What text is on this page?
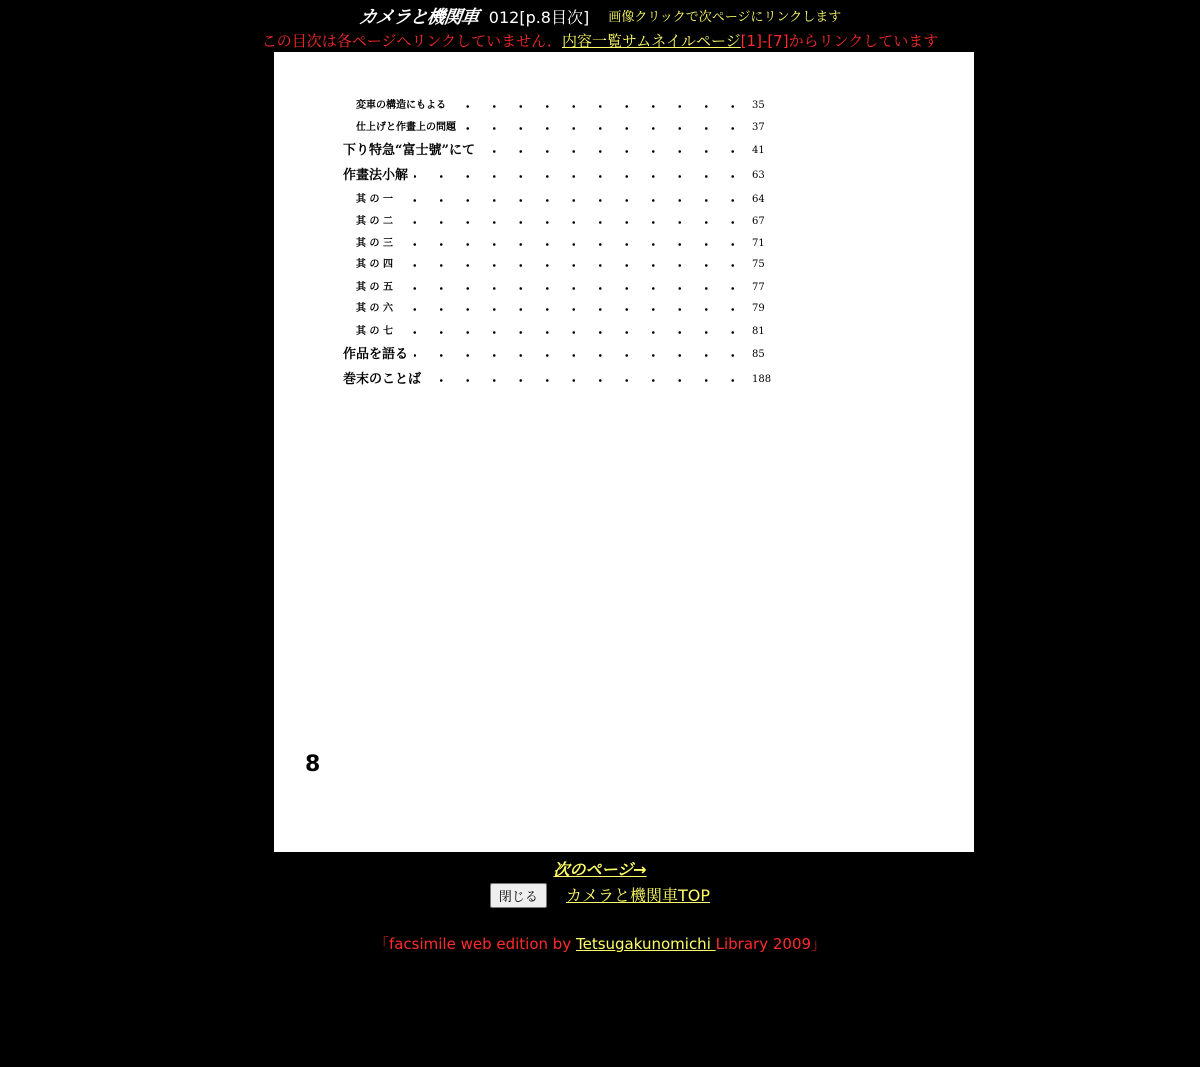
カメラと機関車 012[p.8目次] 画像クリックで次ページにリンクします
この目次は各ページへリンクしていません．内容一覧サムネイルページ[1]-[7]からリンクしています
変車の構造にもよる	35
仕上げと作畫上の問題	37
下り特急“富士號”にて	41
作畫法小解	63
其 の 一	64
其 の 二	67
其 の 三	71
其 の 四	75
其 の 五	77
其 の 六	79
其 の 七	81
作品を語る	85
巻末のことば	188
8
次のページ→
閉じる カメラと機関車TOP
「facsimile web edition by Tetsugakunomichi Library 2009」
